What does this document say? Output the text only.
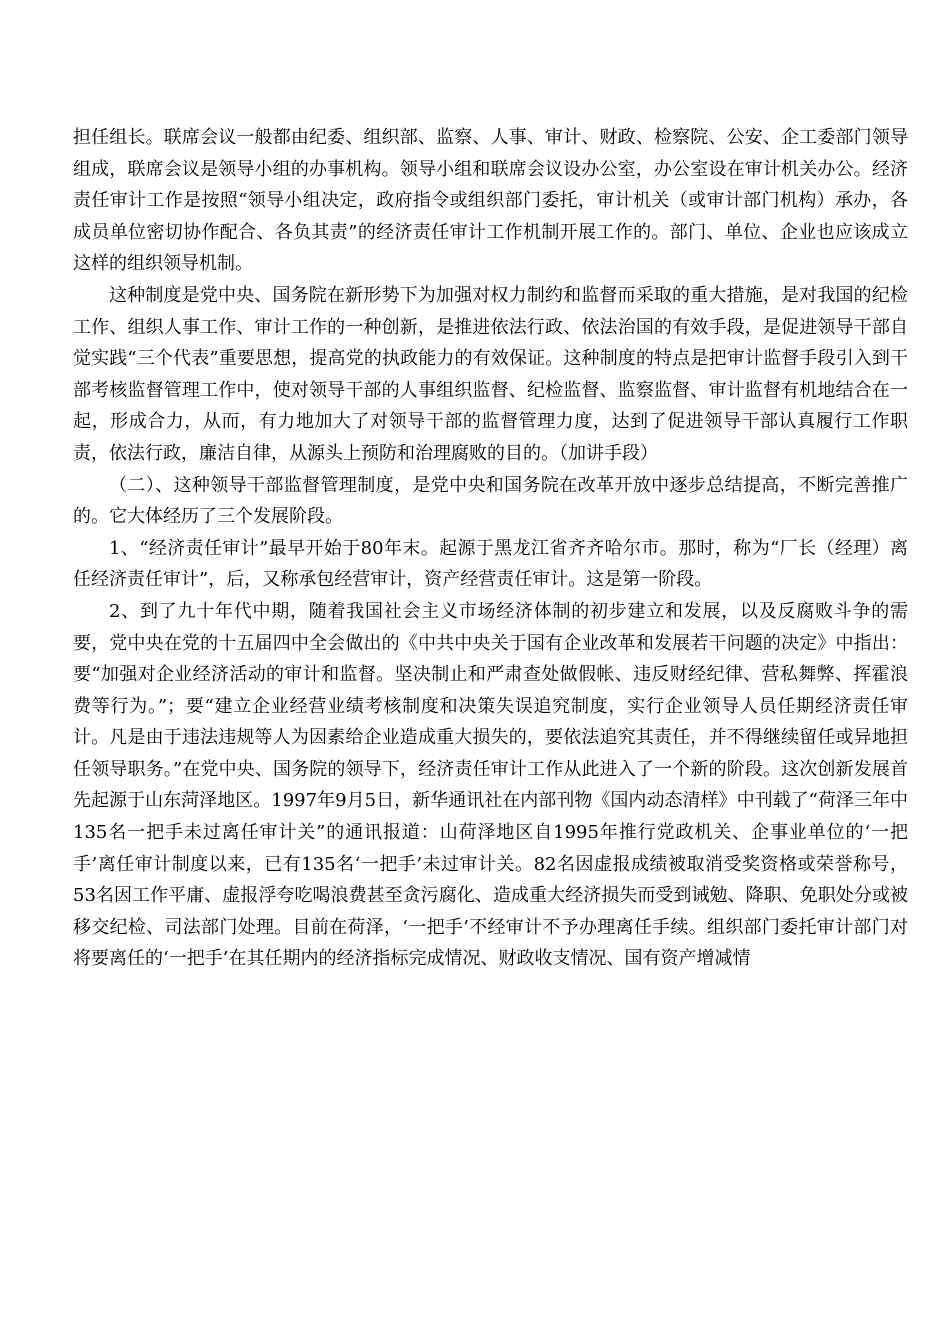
担任组长。联席会议一般都由纪委、组织部、监察、人事、审计、财政、检察院、公安、企工委部门领导组成，联席会议是领导小组的办事机构。领导小组和联席会议设办公室，办公室设在审计机关办公。经济责任审计工作是按照“领导小组决定，政府指令或组织部门委托，审计机关（或审计部门机构）承办，各成员单位密切协作配合、各负其责”的经济责任审计工作机制开展工作的。部门、单位、企业也应该成立这样的组织领导机制。

这种制度是党中央、国务院在新形势下为加强对权力制约和监督而采取的重大措施，是对我国的纪检工作、组织人事工作、审计工作的一种创新，是推进依法行政、依法治国的有效手段，是促进领导干部自觉实践“三个代表”重要思想，提高党的执政能力的有效保证。这种制度的特点是把审计监督手段引入到干部考核监督管理工作中，使对领导干部的人事组织监督、纪检监督、监察监督、审计监督有机地结合在一起，形成合力，从而，有力地加大了对领导干部的监督管理力度，达到了促进领导干部认真履行工作职责，依法行政，廉洁自律，从源头上预防和治理腐败的目的。（加讲手段）

（二）、这种领导干部监督管理制度，是党中央和国务院在改革开放中逐步总结提高，不断完善推广的。它大体经历了三个发展阶段。

1、“经济责任审计”最早开始于80年末。起源于黑龙江省齐齐哈尔市。那时，称为“厂长（经理）离任经济责任审计”，后，又称承包经营审计，资产经营责任审计。这是第一阶段。

2、到了九十年代中期，随着我国社会主义市场经济体制的初步建立和发展，以及反腐败斗争的需要，党中央在党的十五届四中全会做出的《中共中央关于国有企业改革和发展若干问题的决定》中指出：要“加强对企业经济活动的审计和监督。坚决制止和严肃查处做假帐、违反财经纪律、营私舞弊、挥霍浪费等行为。”；要“建立企业经营业绩考核制度和决策失误追究制度，实行企业领导人员任期经济责任审计。凡是由于违法违规等人为因素给企业造成重大损失的，要依法追究其责任，并不得继续留任或异地担任领导职务。”在党中央、国务院的领导下，经济责任审计工作从此进入了一个新的阶段。这次创新发展首先起源于山东菏泽地区。1997年9月5日，新华通讯社在内部刊物《国内动态清样》中刊载了“荷泽三年中135名一把手未过离任审计关”的通讯报道：山荷泽地区自1995年推行党政机关、企事业单位的‘一把手’离任审计制度以来，已有135名‘一把手’未过审计关。82名因虚报成绩被取消受奖资格或荣誉称号，53名因工作平庸、虚报浮夸吃喝浪费甚至贪污腐化、造成重大经济损失而受到诫勉、降职、免职处分或被移交纪检、司法部门处理。目前在荷泽，‘一把手’不经审计不予办理离任手续。组织部门委托审计部门对将要离任的‘一把手’在其任期内的经济指标完成情况、财政收支情况、国有资产增减情
